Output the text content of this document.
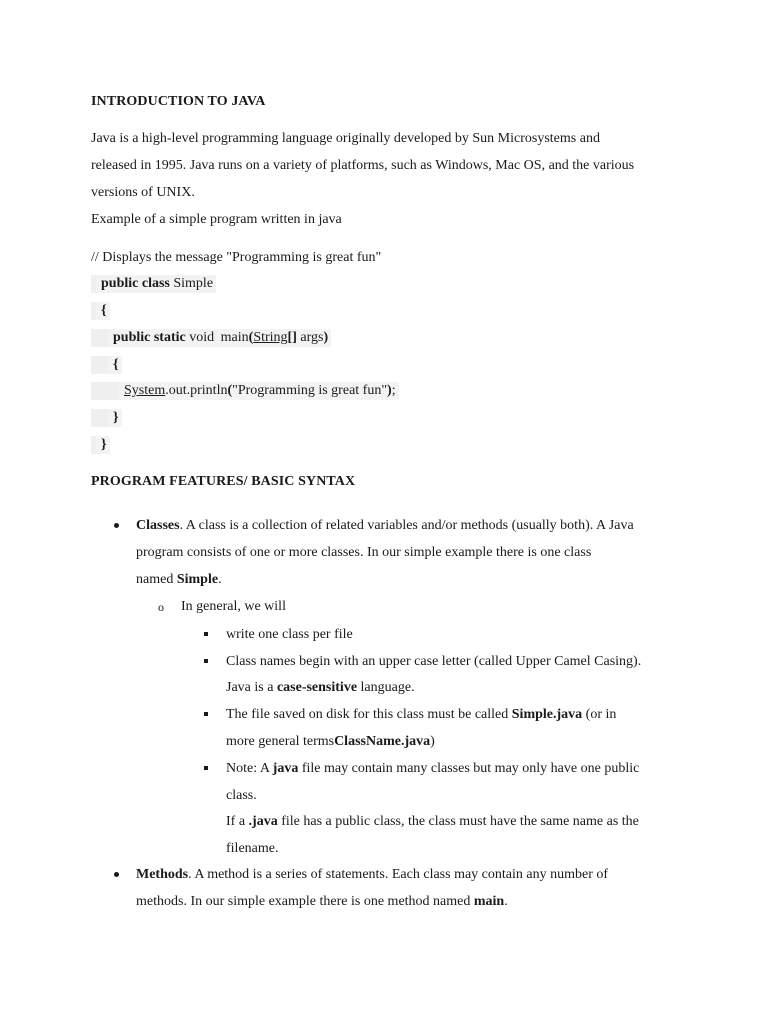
INTRODUCTION TO JAVA
Java is a high-level programming language originally developed by Sun Microsystems and
released in 1995. Java runs on a variety of platforms, such as Windows, Mac OS, and the various
versions of UNIX.
Example of a simple program written in java
// Displays the message "Programming is great fun"
public class Simple
{
public static void main(String[] args)
{
System.out.println("Programming is great fun");
}
}
PROGRAM FEATURES/ BASIC SYNTAX
Classes. A class is a collection of related variables and/or methods (usually both). A Java
program consists of one or more classes. In our simple example there is one class
named Simple.
o In general, we will
write one class per file
Class names begin with an upper case letter (called Upper Camel Casing).
Java is a case-sensitive language.
The file saved on disk for this class must be called Simple.java (or in
more general termsClassName.java)
Note: A java file may contain many classes but may only have one public
class.
If a .java file has a public class, the class must have the same name as the
filename.
Methods. A method is a series of statements. Each class may contain any number of
methods. In our simple example there is one method named main.
